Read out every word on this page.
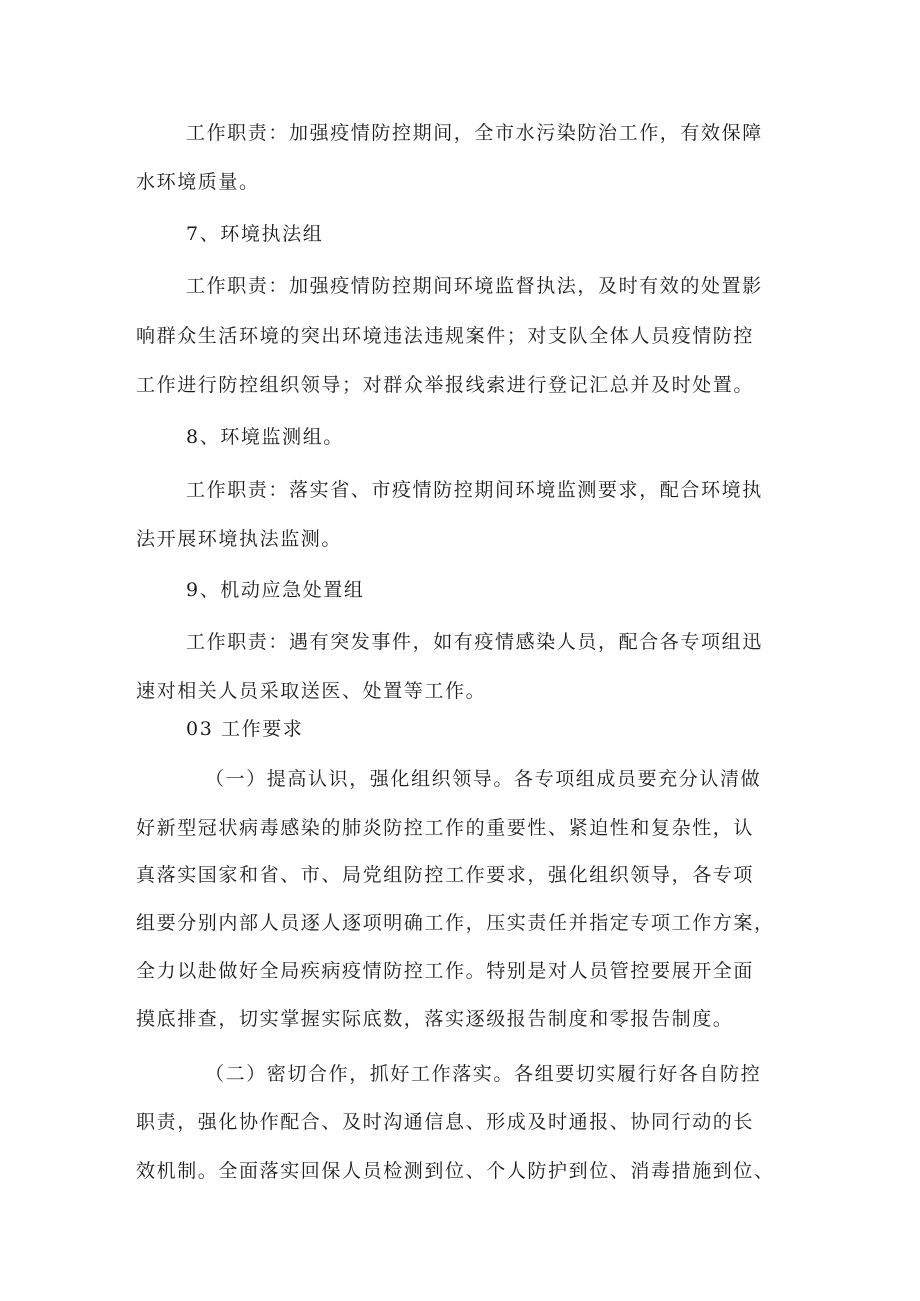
工作职责：加强疫情防控期间，全市水污染防治工作，有效保障
水环境质量。
7、环境执法组
工作职责：加强疫情防控期间环境监督执法，及时有效的处置影
响群众生活环境的突出环境违法违规案件；对支队全体人员疫情防控
工作进行防控组织领导；对群众举报线索进行登记汇总并及时处置。
8、环境监测组。
工作职责：落实省、市疫情防控期间环境监测要求，配合环境执
法开展环境执法监测。
9、机动应急处置组
工作职责：遇有突发事件，如有疫情感染人员，配合各专项组迅
速对相关人员采取送医、处置等工作。
03 工作要求
（一）提高认识，强化组织领导。各专项组成员要充分认清做
好新型冠状病毒感染的肺炎防控工作的重要性、紧迫性和复杂性，认
真落实国家和省、市、局党组防控工作要求，强化组织领导，各专项
组要分别内部人员逐人逐项明确工作，压实责任并指定专项工作方案，
全力以赴做好全局疾病疫情防控工作。特别是对人员管控要展开全面
摸底排查，切实掌握实际底数，落实逐级报告制度和零报告制度。
（二）密切合作，抓好工作落实。各组要切实履行好各自防控
职责，强化协作配合、及时沟通信息、形成及时通报、协同行动的长
效机制。全面落实回保人员检测到位、个人防护到位、消毒措施到位、
